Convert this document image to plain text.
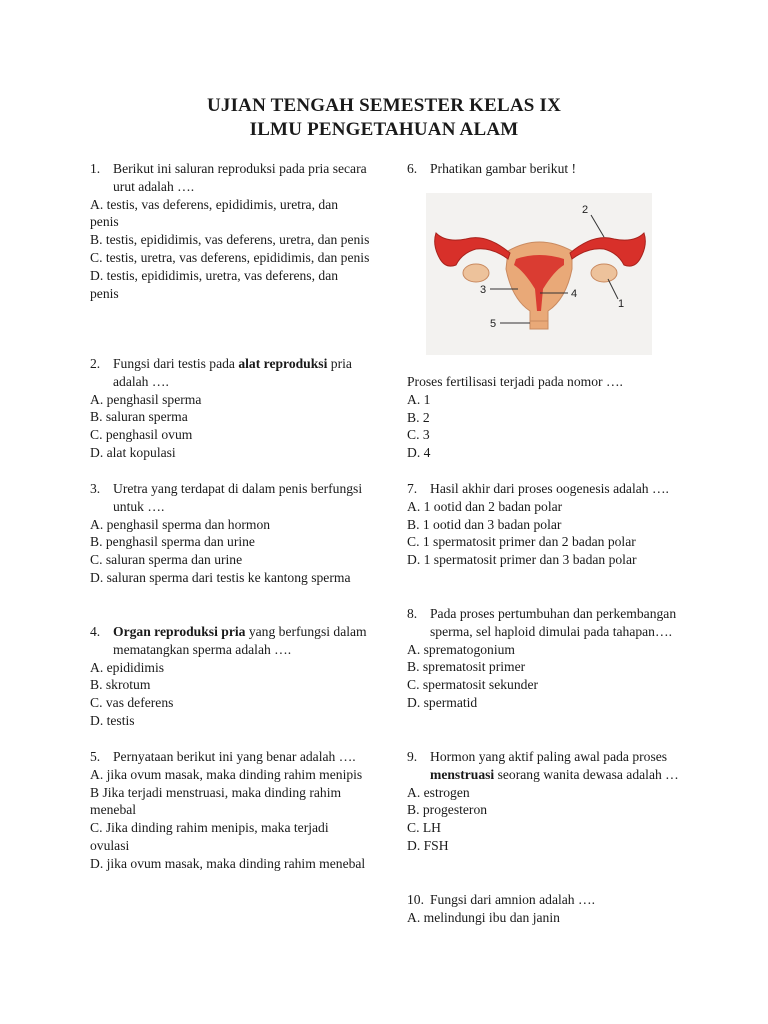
UJIAN TENGAH SEMESTER KELAS IX
ILMU PENGETAHUAN ALAM
1. Berikut ini saluran reproduksi pada pria secara urut adalah ….
A. testis, vas deferens, epididimis, uretra, dan penis
B. testis, epididimis, vas deferens, uretra, dan penis
C. testis, uretra, vas deferens, epididimis, dan penis
D. testis, epididimis, uretra, vas deferens, dan penis
2. Fungsi dari testis pada alat reproduksi pria adalah ….
A. penghasil sperma
B. saluran sperma
C. penghasil ovum
D. alat kopulasi
3. Uretra yang terdapat di dalam penis berfungsi untuk ….
A. penghasil sperma dan hormon
B. penghasil sperma dan urine
C. saluran sperma dan urine
D. saluran sperma dari testis ke kantong sperma
4. Organ reproduksi pria yang berfungsi dalam mematangkan sperma adalah ….
A. epididimis
B. skrotum
C. vas deferens
D. testis
5. Pernyataan berikut ini yang benar adalah ….
A. jika ovum masak, maka dinding rahim menipis
B Jika terjadi menstruasi, maka dinding rahim menebal
C. Jika dinding rahim menipis, maka terjadi ovulasi
D. jika ovum masak, maka dinding rahim menebal
6. Prhatikan gambar berikut !
Proses fertilisasi terjadi pada nomor ….
A. 1
B. 2
C. 3
D. 4
7. Hasil akhir dari proses oogenesis adalah ….
A. 1 ootid dan 2 badan polar
B. 1 ootid dan 3 badan polar
C. 1 spermatosit primer dan 2 badan polar
D. 1 spermatosit primer dan 3 badan polar
8. Pada proses pertumbuhan dan perkembangan sperma, sel haploid dimulai pada tahapan….
A. sprematogonium
B. sprematosit primer
C. spermatosit sekunder
D. spermatid
9. Hormon yang aktif paling awal pada proses menstruasi seorang wanita dewasa adalah …
A. estrogen
B. progesteron
C. LH
D. FSH
10. Fungsi dari amnion adalah ….
A. melindungi ibu dan janin
2
1
3	4
5
